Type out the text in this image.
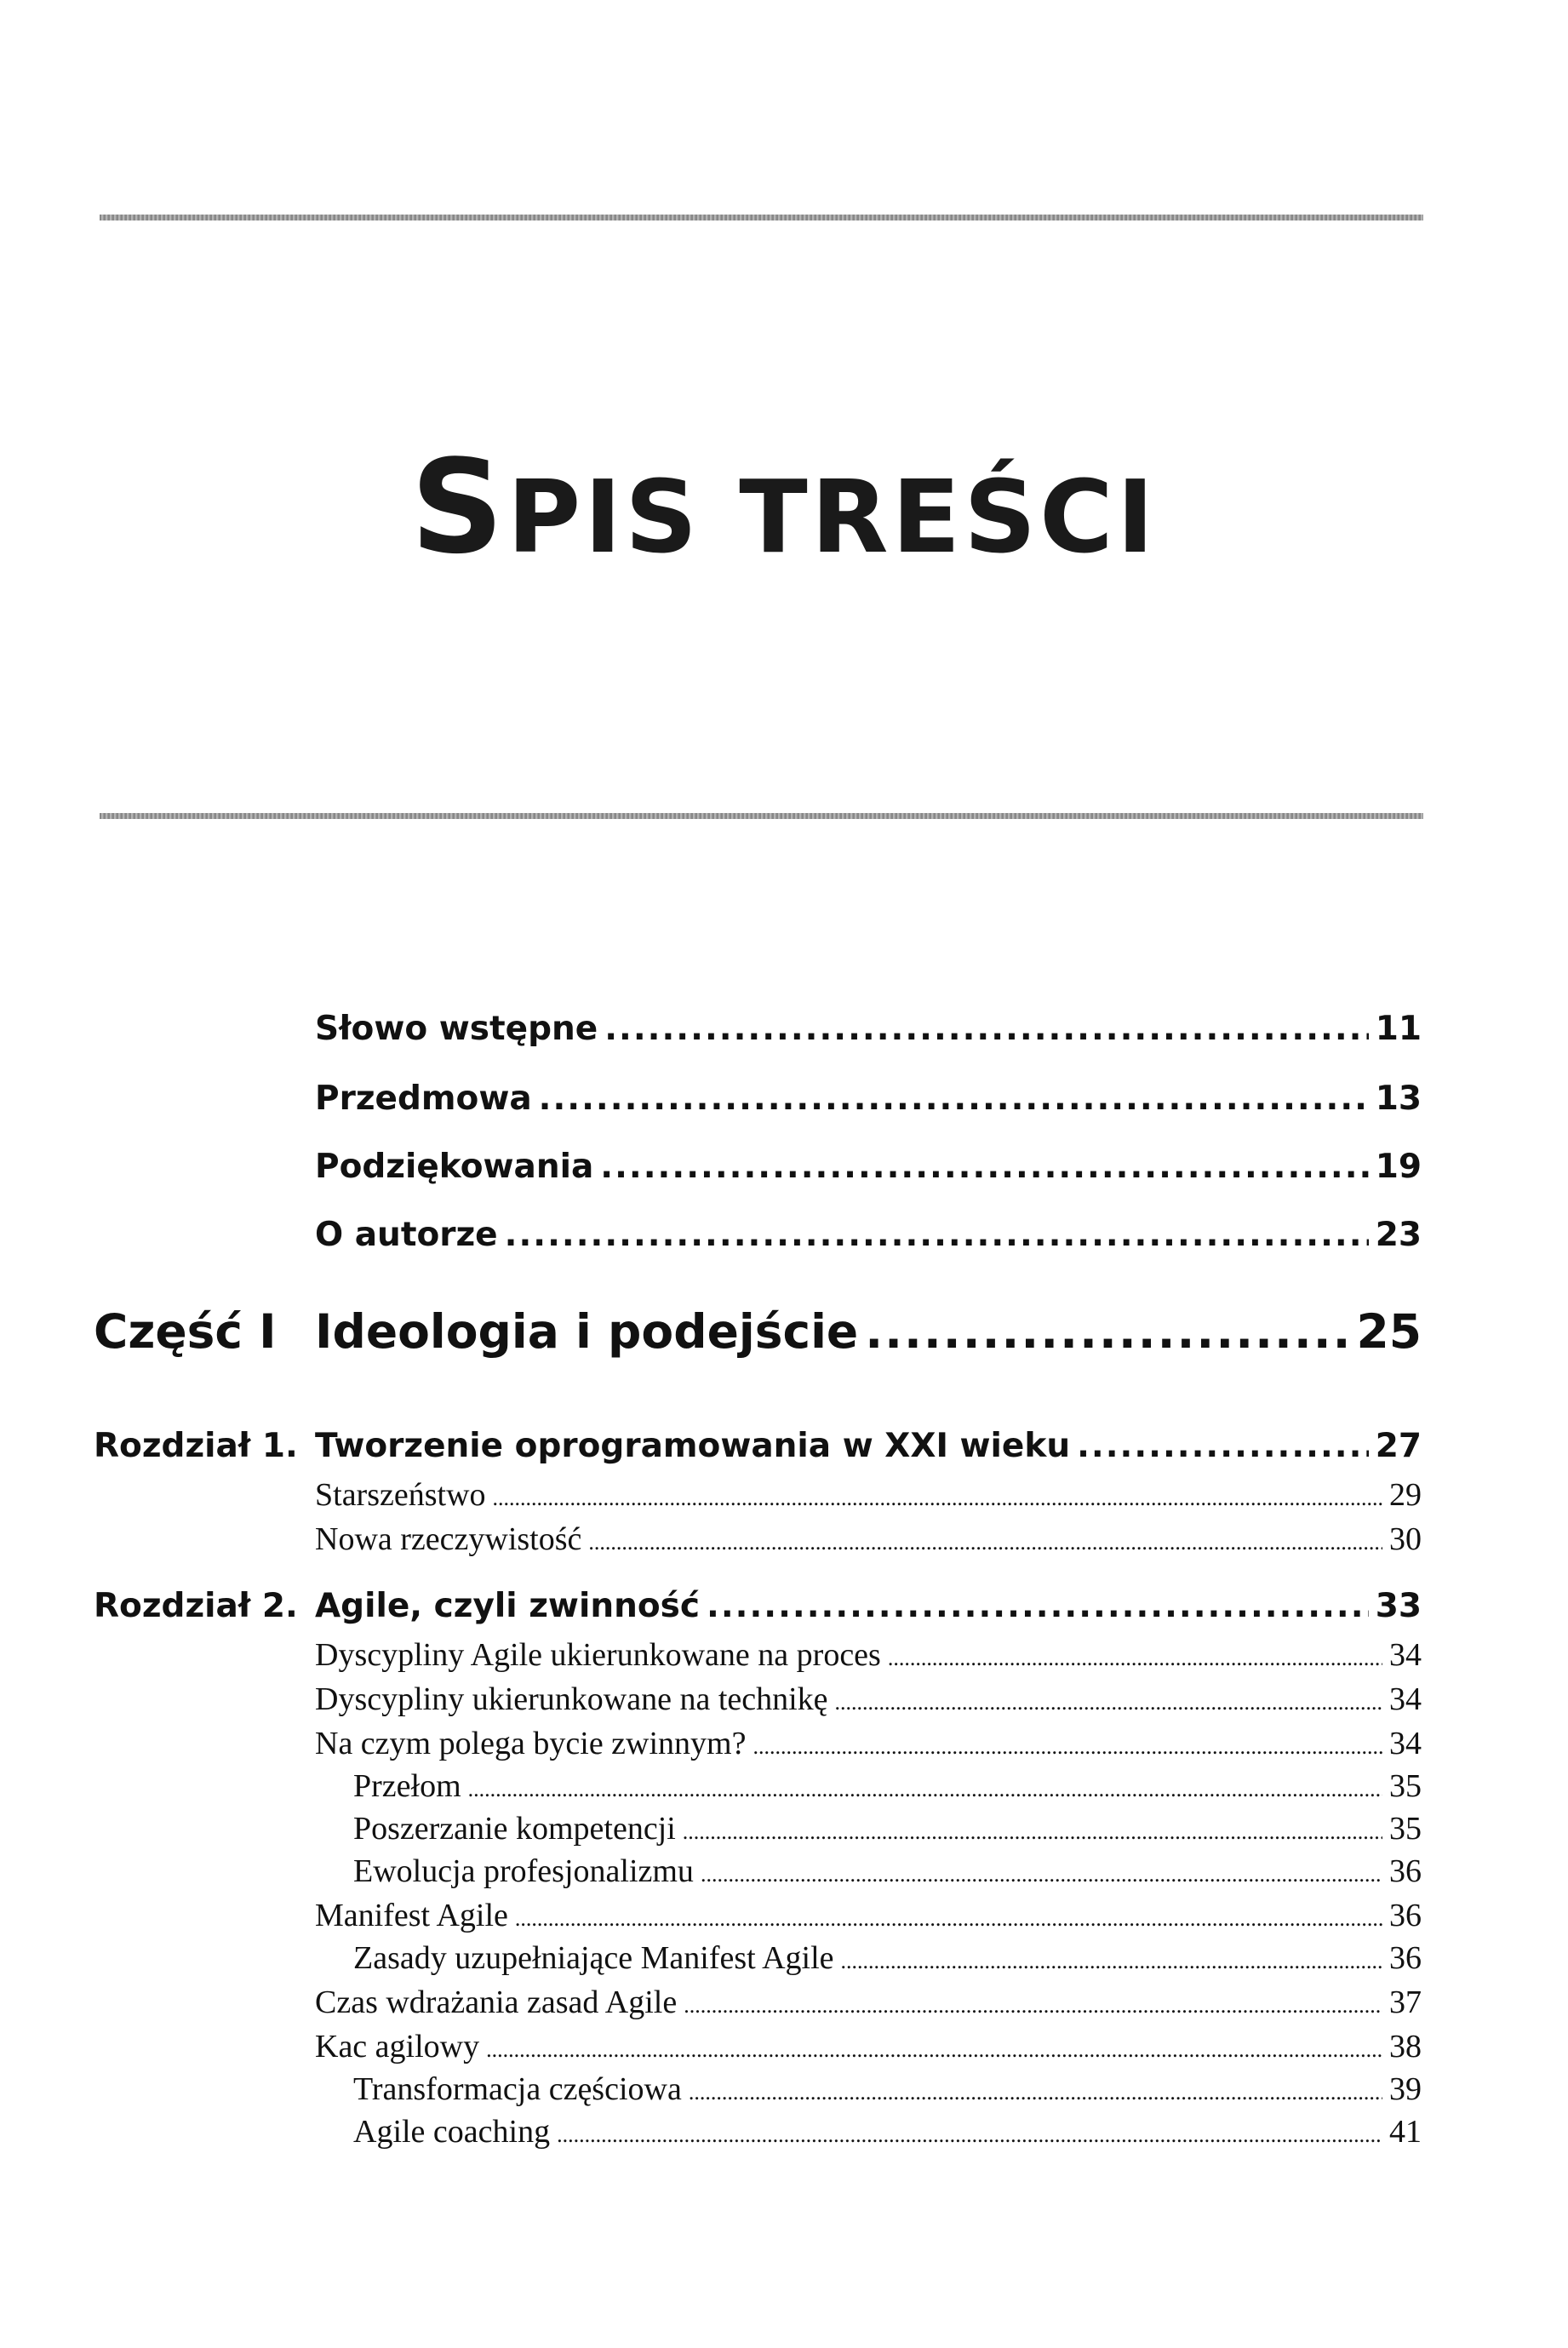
SPIS TREŚCI
Słowo wstępne .....	11
Przedmowa .....	13
Podziękowania .....	19
O autorze .....	23
Część I Ideologia i podejście .....	25
Rozdział 1. Tworzenie oprogramowania w XXI wieku .....	27
Starszeństwo .....	29
Nowa rzeczywistość .....	30
Rozdział 2. Agile, czyli zwinność .....	33
Dyscypliny Agile ukierunkowane na proces .....	34
Dyscypliny ukierunkowane na technikę .....	34
Na czym polega bycie zwinnym? .....	34
Przełom .....	35
Poszerzanie kompetencji .....	35
Ewolucja profesjonalizmu .....	36
Manifest Agile .....	36
Zasady uzupełniające Manifest Agile .....	36
Czas wdrażania zasad Agile .....	37
Kac agilowy .....	38
Transformacja częściowa .....	39
Agile coaching .....	41
